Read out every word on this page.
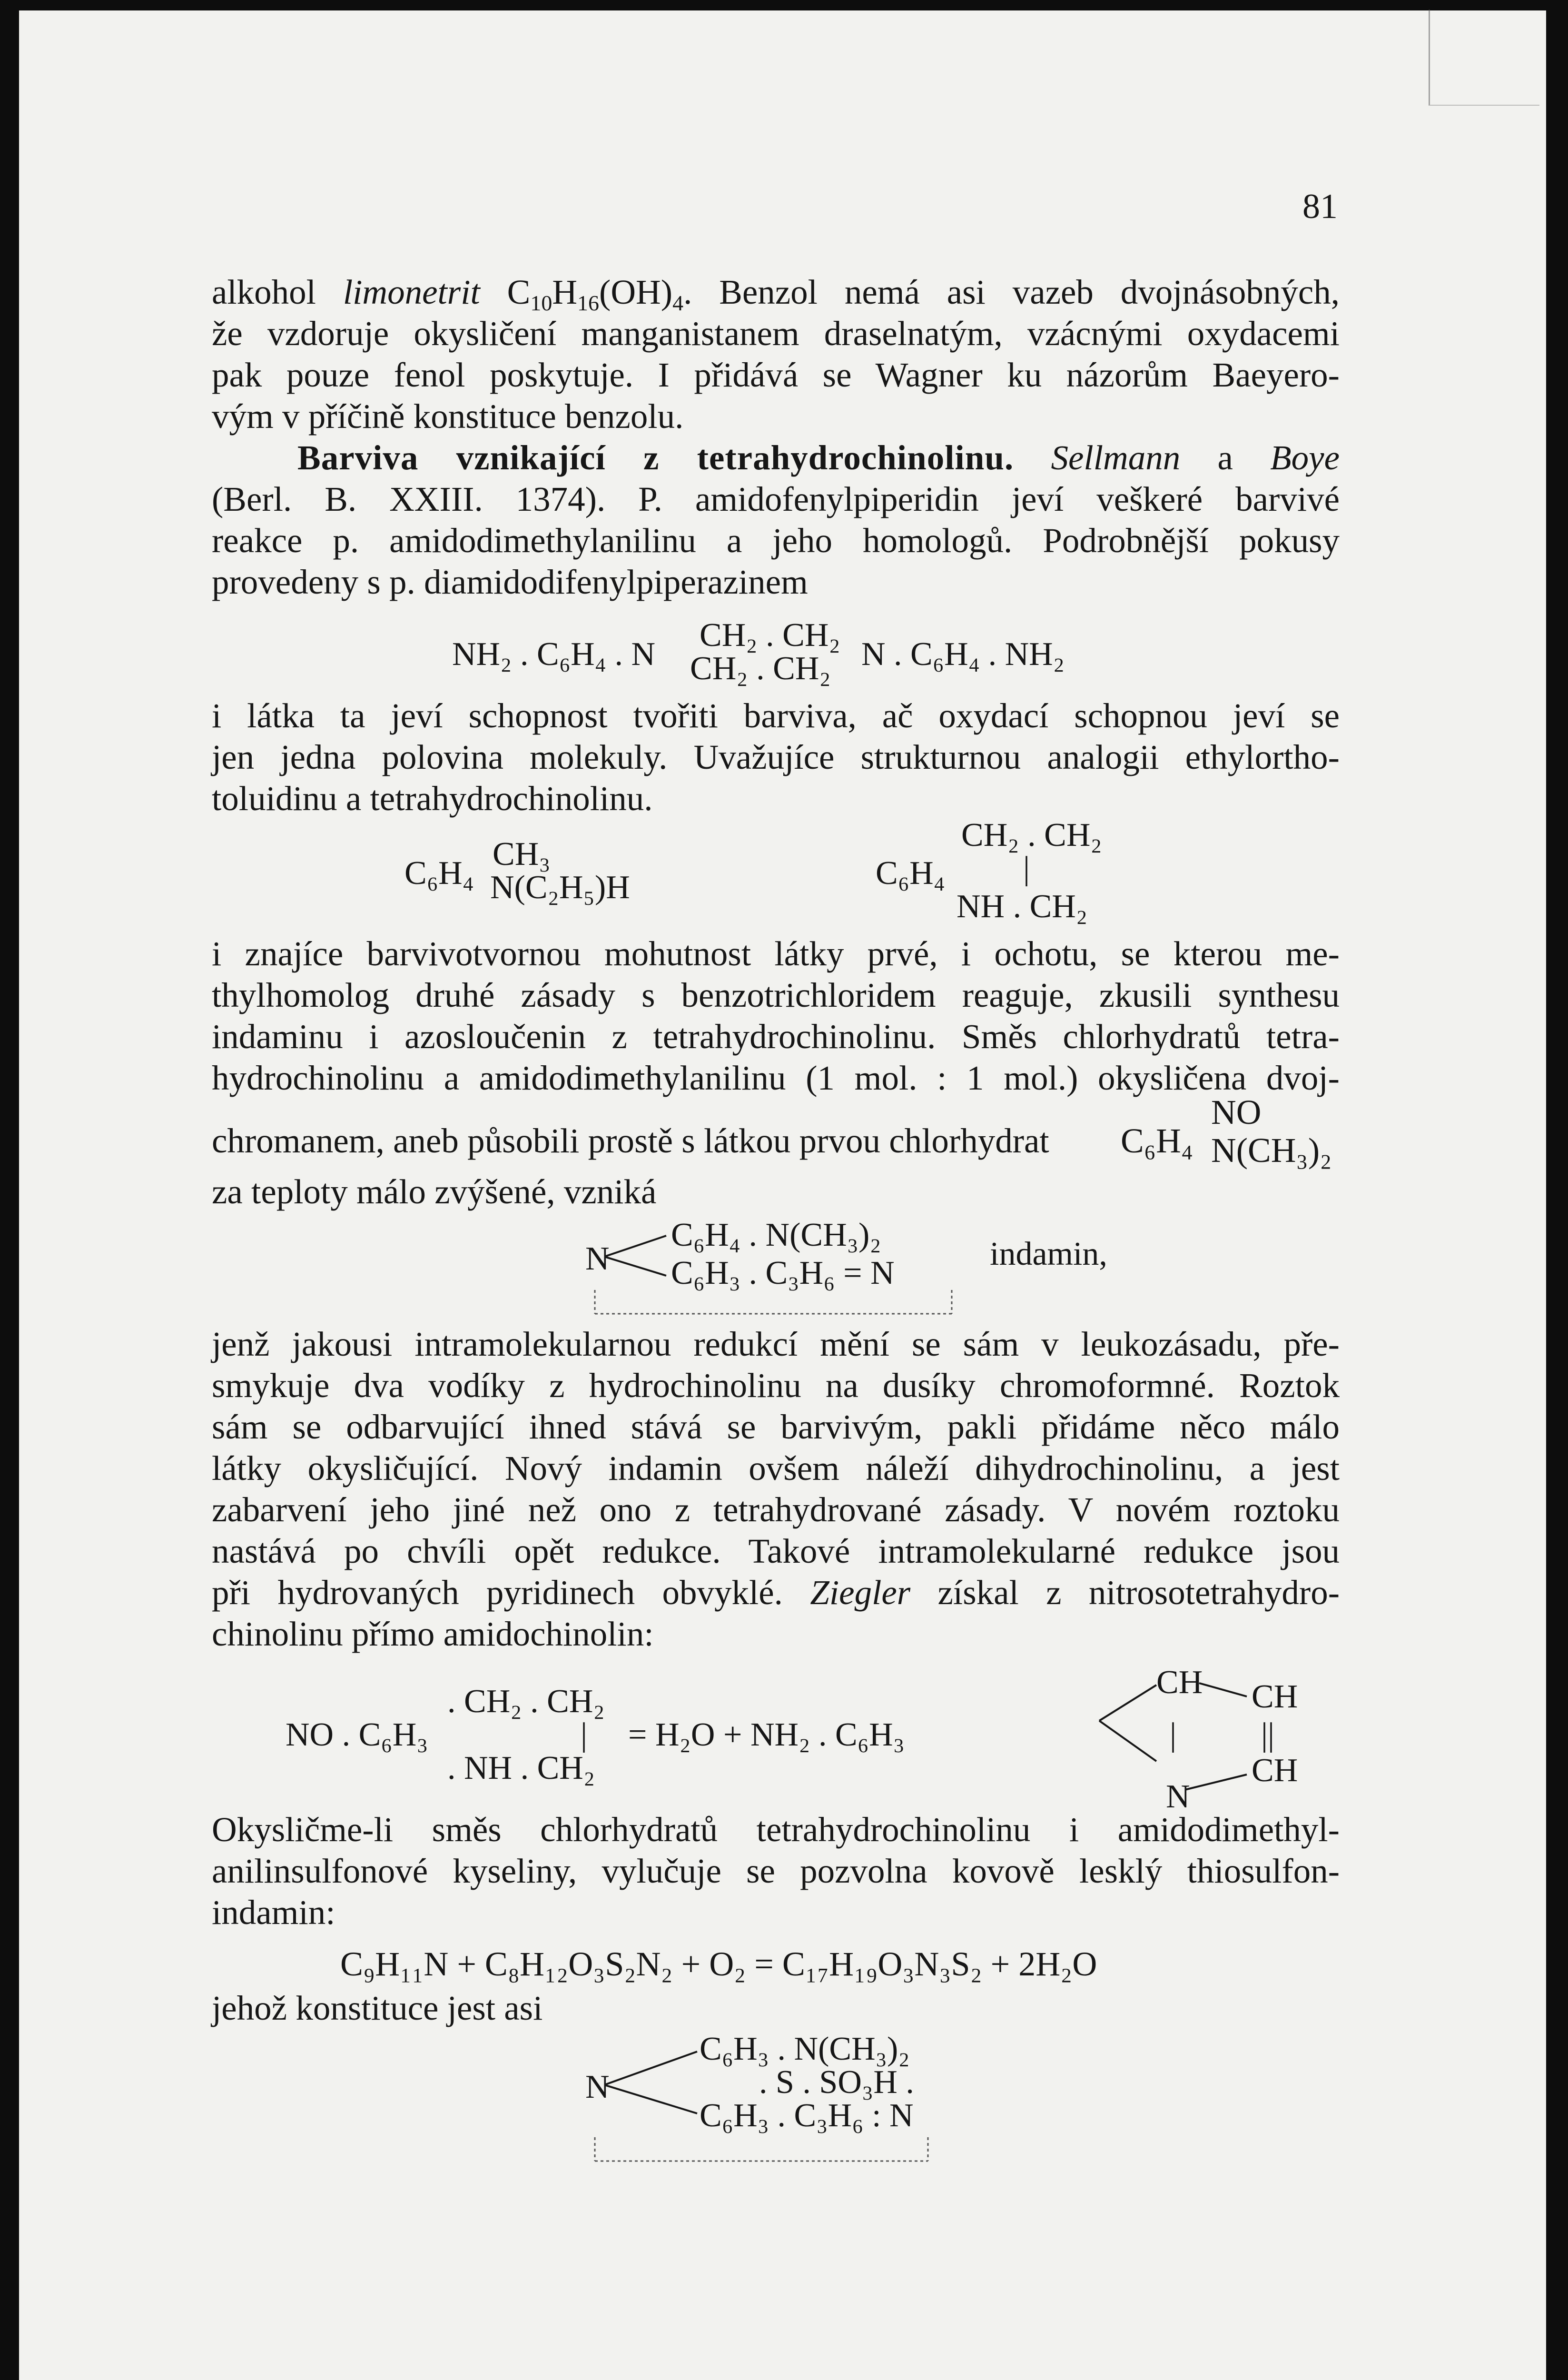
81
alkohol limonetrit $C_{10}H_{16}(OH)_4$. Benzol nemá asi vazeb dvojnásobných,
že vzdoruje okysličení manganistanem draselnatým, vzácnými oxydacemi
pak pouze fenol poskytuje. I přidává se Wagner ku názorům Baeyero-
vým v příčině konstituce benzolu.
Barviva vznikající z tetrahydrochinolinu. Sellmann a Boye
(Berl. B. XXIII. 1374). P. amidofenylpiperidin jeví veškeré barvivé
reakce p. amidodimethylanilinu a jeho homologů. Podrobnější pokusy
provedeny s p. diamidodifenylpiperazinem
NH₂ . C₆H₄ . N
CH₂ . CH₂
CH₂ . CH₂ N . C₆H₄ . NH₂
i látka ta jeví schopnost tvořiti barviva, ač oxydací schopnou jeví se
jen jedna polovina molekuly. Uvažujíce strukturnou analogii ethylortho-
toluidinu a tetrahydrochinolinu.
C₆H₄
CH₃
N(C₂H₅)H	C₆H₄
CH₂ . CH₂
|
NH . CH₂
i znajíce barvivotvornou mohutnost látky prvé, i ochotu, se kterou me-
thylhomolog druhé zásady s benzotrichloridem reaguje, zkusili synthesu
indaminu i azosloučenin z tetrahydrochinolinu. Směs chlorhydratů tetra-
hydrochinolinu a amidodimethylanilinu (1 mol. : 1 mol.) okysličena dvoj-
chromanem, aneb působili prostě s látkou prvou chlorhydrat C₆H₄
NO
N(CH₃)₂
za teploty málo zvýšené, vzniká
N
C₆H₄ . N(CH₃)₂
C₆H₃ . C₃H₆ = N
indamin,
jenž jakousi intramolekularnou redukcí mění se sám v leukozásadu, pře-
smykuje dva vodíky z hydrochinolinu na dusíky chromoformné. Roztok
sám se odbarvující ihned stává se barvivým, pakli přidáme něco málo
látky okysličující. Nový indamin ovšem náleží dihydrochinolinu, a jest
zabarvení jeho jiné než ono z tetrahydrované zásady. V novém roztoku
nastává po chvíli opět redukce. Takové intramolekularné redukce jsou
při hydrovaných pyridinech obvyklé. Ziegler získal z nitrosotetrahydro-
chinolinu přímo amidochinolin:
NO . C₆H₃
. CH₂ . CH₂
|
. NH . CH₂
= H₂O + NH₂ . C₆H₃
CH CH
|	||
CH
N
Okysličme-li směs chlorhydratů tetrahydrochinolinu i amidodimethyl-
anilinsulfonové kyseliny, vylučuje se pozvolna kovově lesklý thiosulfon-
indamin:
C₉H₁₁N + C₈H₁₂O₃S₂N₂ + O₂ = C₁₇H₁₉O₃N₃S₂ + 2H₂O
jehož konstituce jest asi
N
C₆H₃ . N(CH₃)₂
. S . SO₃H .
C₆H₃ . C₃H₆ : N
